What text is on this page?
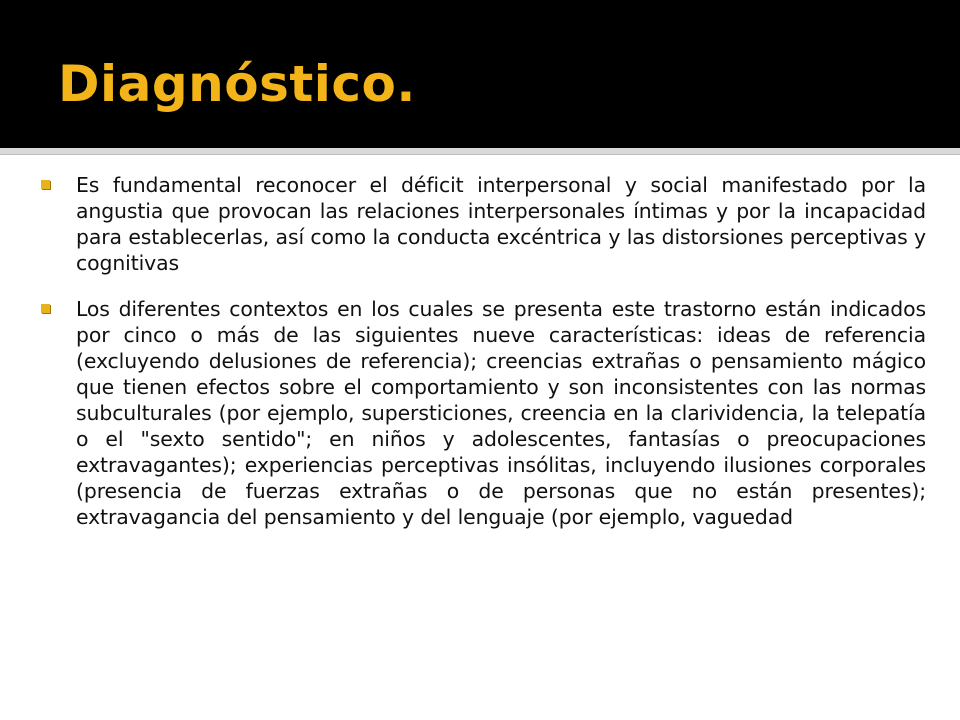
Diagnóstico.

Es fundamental reconocer el déficit interpersonal y social manifestado por la angustia que provocan las relaciones interpersonales íntimas y por la incapacidad para establecerlas, así como la conducta excéntrica y las distorsiones perceptivas y cognitivas

Los diferentes contextos en los cuales se presenta este trastorno están indicados por cinco o más de las siguientes nueve características: ideas de referencia (excluyendo delusiones de referencia); creencias extrañas o pensamiento mágico que tienen efectos sobre el comportamiento y son inconsistentes con las normas subculturales (por ejemplo, supersticiones, creencia en la clarividencia, la telepatía o el "sexto sentido"; en niños y adolescentes, fantasías o preocupaciones extravagantes); experiencias perceptivas insólitas, incluyendo ilusiones corporales (presencia de fuerzas extrañas o de personas que no están presentes); extravagancia del pensamiento y del lenguaje (por ejemplo, vaguedad
